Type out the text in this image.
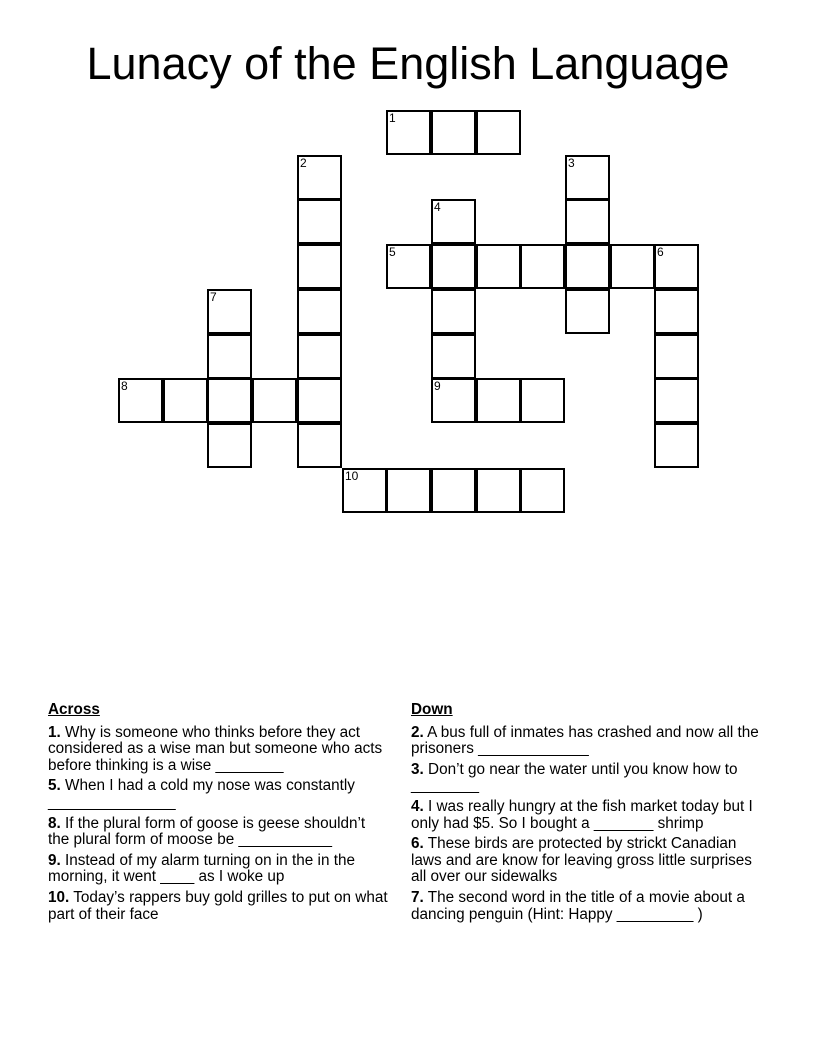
Lunacy of the English Language
1
2	3
4
5	6
7
8	9
10
Across
1. Why is someone who thinks before they act considered as a wise man but someone who acts before thinking is a wise ________
5. When I had a cold my nose was constantly _______________
8. If the plural form of goose is geese shouldn’t the plural form of moose be ___________
9. Instead of my alarm turning on in the in the morning, it went ____ as I woke up
10. Today’s rappers buy gold grilles to put on what part of their face
Down
2. A bus full of inmates has crashed and now all the prisoners _____________
3. Don’t go near the water until you know how to ________
4. I was really hungry at the fish market today but I only had $5. So I bought a _______ shrimp
6. These birds are protected by strickt Canadian laws and are know for leaving gross little surprises all over our sidewalks
7. The second word in the title of a movie about a dancing penguin (Hint: Happy _________ )
